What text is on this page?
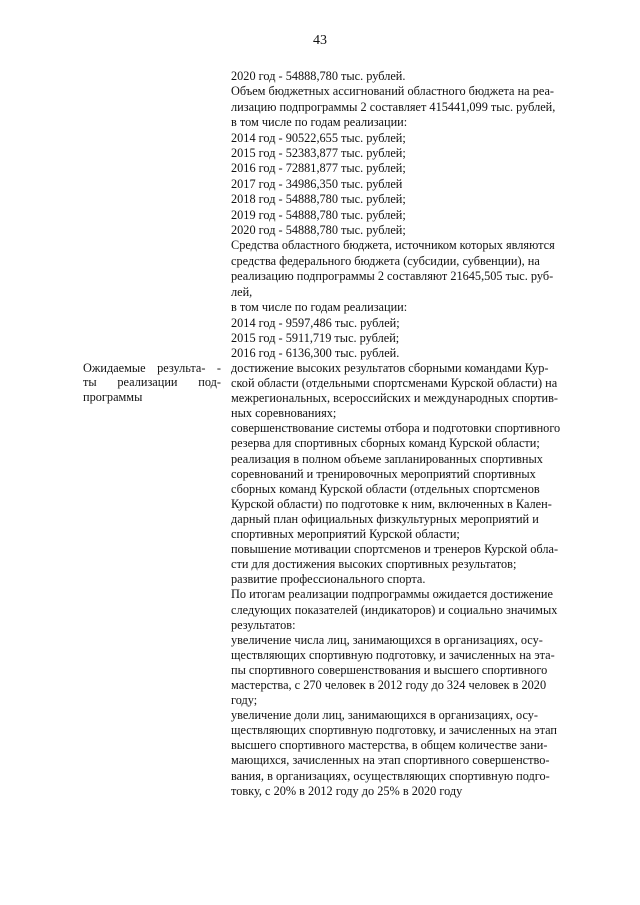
43
2020 год - 54888,780 тыс. рублей.
Объем бюджетных ассигнований областного бюджета на реа-
лизацию подпрограммы 2 составляет 415441,099 тыс. рублей,
в том числе по годам реализации:
2014 год - 90522,655 тыс. рублей;
2015 год - 52383,877 тыс. рублей;
2016 год - 72881,877 тыс. рублей;
2017 год - 34986,350 тыс. рублей
2018 год - 54888,780 тыс. рублей;
2019 год - 54888,780 тыс. рублей;
2020 год - 54888,780 тыс. рублей;
Средства областного бюджета, источником которых являются
средства федерального бюджета (субсидии, субвенции), на
реализацию подпрограммы 2 составляют 21645,505 тыс. руб-
лей,
в том числе по годам реализации:
2014 год - 9597,486 тыс. рублей;
2015 год - 5911,719 тыс. рублей;
2016 год - 6136,300 тыс. рублей.
Ожидаемые результа- -
ты реализации под-
программы
достижение высоких результатов сборными командами Кур-
ской области (отдельными спортсменами Курской области) на
межрегиональных, всероссийских и международных спортив-
ных соревнованиях;
совершенствование системы отбора и подготовки спортивного
резерва для спортивных сборных команд Курской области;
реализация в полном объеме запланированных спортивных
соревнований и тренировочных мероприятий спортивных
сборных команд Курской области (отдельных спортсменов
Курской области) по подготовке к ним, включенных в Кален-
дарный план официальных физкультурных мероприятий и
спортивных мероприятий Курской области;
повышение мотивации спортсменов и тренеров Курской обла-
сти для достижения высоких спортивных результатов;
развитие профессионального спорта.
По итогам реализации подпрограммы ожидается достижение
следующих показателей (индикаторов) и социально значимых
результатов:
увеличение числа лиц, занимающихся в организациях, осу-
ществляющих спортивную подготовку, и зачисленных на эта-
пы спортивного совершенствования и высшего спортивного
мастерства, с 270 человек в 2012 году до 324 человек в 2020
году;
увеличение доли лиц, занимающихся в организациях, осу-
ществляющих спортивную подготовку, и зачисленных на этап
высшего спортивного мастерства, в общем количестве зани-
мающихся, зачисленных на этап спортивного совершенство-
вания, в организациях, осуществляющих спортивную подго-
товку, с 20% в 2012 году до 25% в 2020 году
